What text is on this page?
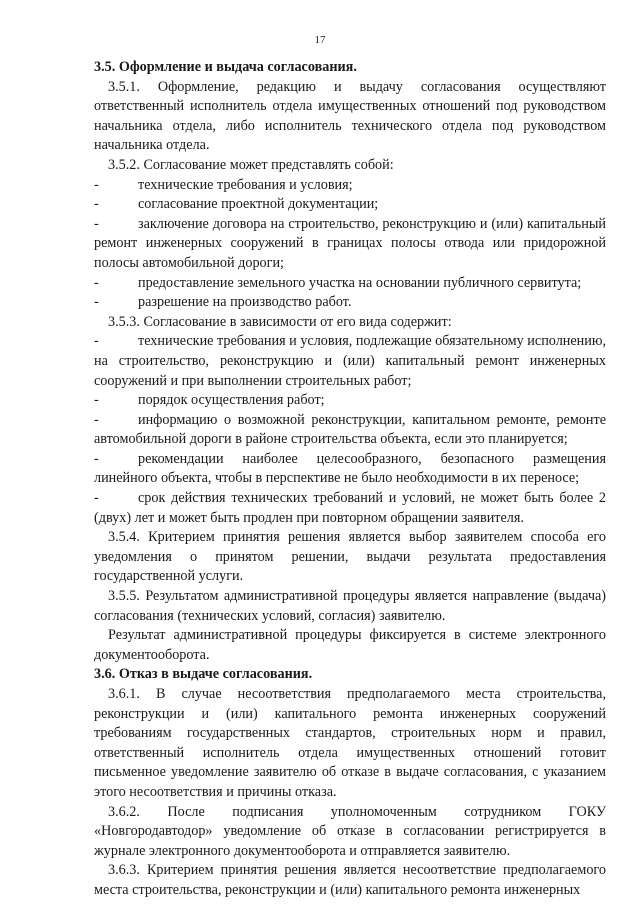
17

3.5. Оформление и выдача согласования.

3.5.1. Оформление, редакцию и выдачу согласования осуществляют ответственный исполнитель отдела имущественных отношений под руководством начальника отдела, либо исполнитель технического отдела под руководством начальника отдела.

3.5.2. Согласование может представлять собой:

-	технические требования и условия;
-	согласование проектной документации;

-	заключение договора на строительство, реконструкцию и (или) капитальный ремонт инженерных сооружений в границах полосы отвода или придорожной полосы автомобильной дороги;

-	предоставление земельного участка на основании публичного сервитута;
-	разрешение на производство работ.

3.5.3. Согласование в зависимости от его вида содержит:

-	технические требования и условия, подлежащие обязательному исполнению, на строительство, реконструкцию и (или) капитальный ремонт инженерных сооружений и при выполнении строительных работ;

-	порядок осуществления работ;

-	информацию о возможной реконструкции, капитальном ремонте, ремонте автомобильной дороги в районе строительства объекта, если это планируется;

-	рекомендации наиболее целесообразного, безопасного размещения линейного объекта, чтобы в перспективе не было необходимости в их переносе;

-	срок действия технических требований и условий, не может быть более 2 (двух) лет и может быть продлен при повторном обращении заявителя.

3.5.4. Критерием принятия решения является выбор заявителем способа его уведомления о принятом решении, выдачи результата предоставления государственной услуги.

3.5.5. Результатом административной процедуры является направление (выдача) согласования (технических условий, согласия) заявителю.

Результат административной процедуры фиксируется в системе электронного документооборота.

3.6. Отказ в выдаче согласования.

3.6.1. В случае несоответствия предполагаемого места строительства, реконструкции и (или) капитального ремонта инженерных сооружений требованиям государственных стандартов, строительных норм и правил, ответственный исполнитель отдела имущественных отношений готовит письменное уведомление заявителю об отказе в выдаче согласования, с указанием этого несоответствия и причины отказа.

3.6.2. После подписания уполномоченным сотрудником ГОКУ «Новгородавтодор» уведомление об отказе в согласовании регистрируется в журнале электронного документооборота и отправляется заявителю.

3.6.3. Критерием принятия решения является несоответствие предполагаемого места строительства, реконструкции и (или) капитального ремонта инженерных
